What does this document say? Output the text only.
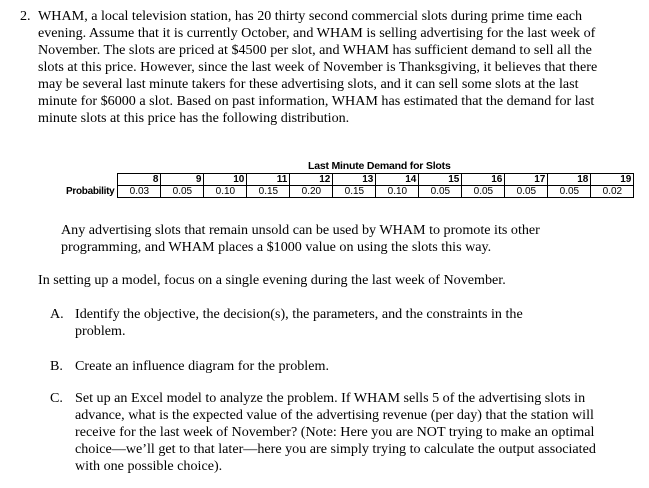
2. WHAM, a local television station, has 20 thirty second commercial slots during prime time each evening. Assume that it is currently October, and WHAM is selling advertising for the last week of November. The slots are priced at $4500 per slot, and WHAM has sufficient demand to sell all the slots at this price. However, since the last week of November is Thanksgiving, it believes that there may be several last minute takers for these advertising slots, and it can sell some slots at the last minute for $6000 a slot. Based on past information, WHAM has estimated that the demand for last minute slots at this price has the following distribution.
Last Minute Demand for Slots
	8	9	10	11	12	13	14	15	16	17	18	19
Probability	0.03	0.05	0.10	0.15	0.20	0.15	0.10	0.05	0.05	0.05	0.05	0.02
Any advertising slots that remain unsold can be used by WHAM to promote its other programming, and WHAM places a $1000 value on using the slots this way.
In setting up a model, focus on a single evening during the last week of November.
A. Identify the objective, the decision(s), the parameters, and the constraints in the problem.
B. Create an influence diagram for the problem.
C. Set up an Excel model to analyze the problem. If WHAM sells 5 of the advertising slots in advance, what is the expected value of the advertising revenue (per day) that the station will receive for the last week of November? (Note: Here you are NOT trying to make an optimal choice—we’ll get to that later—here you are simply trying to calculate the output associated with one possible choice).
